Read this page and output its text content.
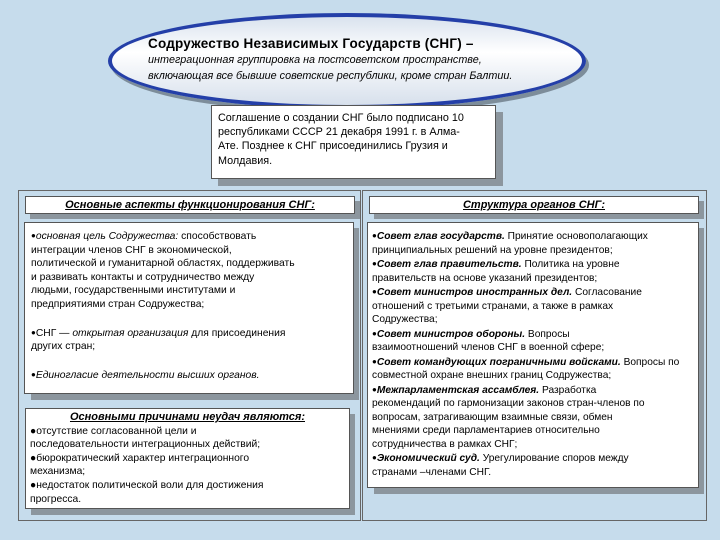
Содружество Независимых Государств (СНГ) –
интеграционная группировка на постсоветском пространстве,
включающая все бывшие советские республики, кроме стран Балтии.
Соглашение о создании СНГ было подписано 10
республиками СССР 21 декабря 1991 г. в Алма-
Ате. Позднее к СНГ присоединились Грузия и
Молдавия.
Основные аспекты функционирования СНГ:
●основная цель Содружества: способствовать
интеграции членов СНГ в экономической,
политической и гуманитарной областях, поддерживать
и развивать контакты и сотрудничество между
людьми, государственными институтами и
предприятиями стран Содружества;
●СНГ — открытая организация для присоединения
других стран;
●Единогласие деятельности высших органов.
Основными причинами неудач являются:
●отсутствие согласованной цели и
последовательности интеграционных действий;
●бюрократический характер интеграционного
механизма;
●недостаток политической воли для достижения
прогресса.
Структура органов СНГ:
●Совет глав государств. Принятие основополагающих
принципиальных решений на уровне президентов;
●Совет глав правительств. Политика на уровне
правительств на основе указаний президентов;
●Совет министров иностранных дел. Согласование
отношений с третьими странами, а также в рамках
Содружества;
●Совет министров обороны. Вопросы
взаимоотношений членов СНГ в военной сфере;
●Совет командующих пограничными войсками. Вопросы по
совместной охране внешних границ Содружества;
●Межпарламентская ассамблея. Разработка
рекомендаций по гармонизации законов стран-членов по
вопросам, затрагивающим взаимные связи, обмен
мнениями среди парламентариев относительно
сотрудничества в рамках СНГ;
●Экономический суд. Урегулирование споров между
странами –членами СНГ.
